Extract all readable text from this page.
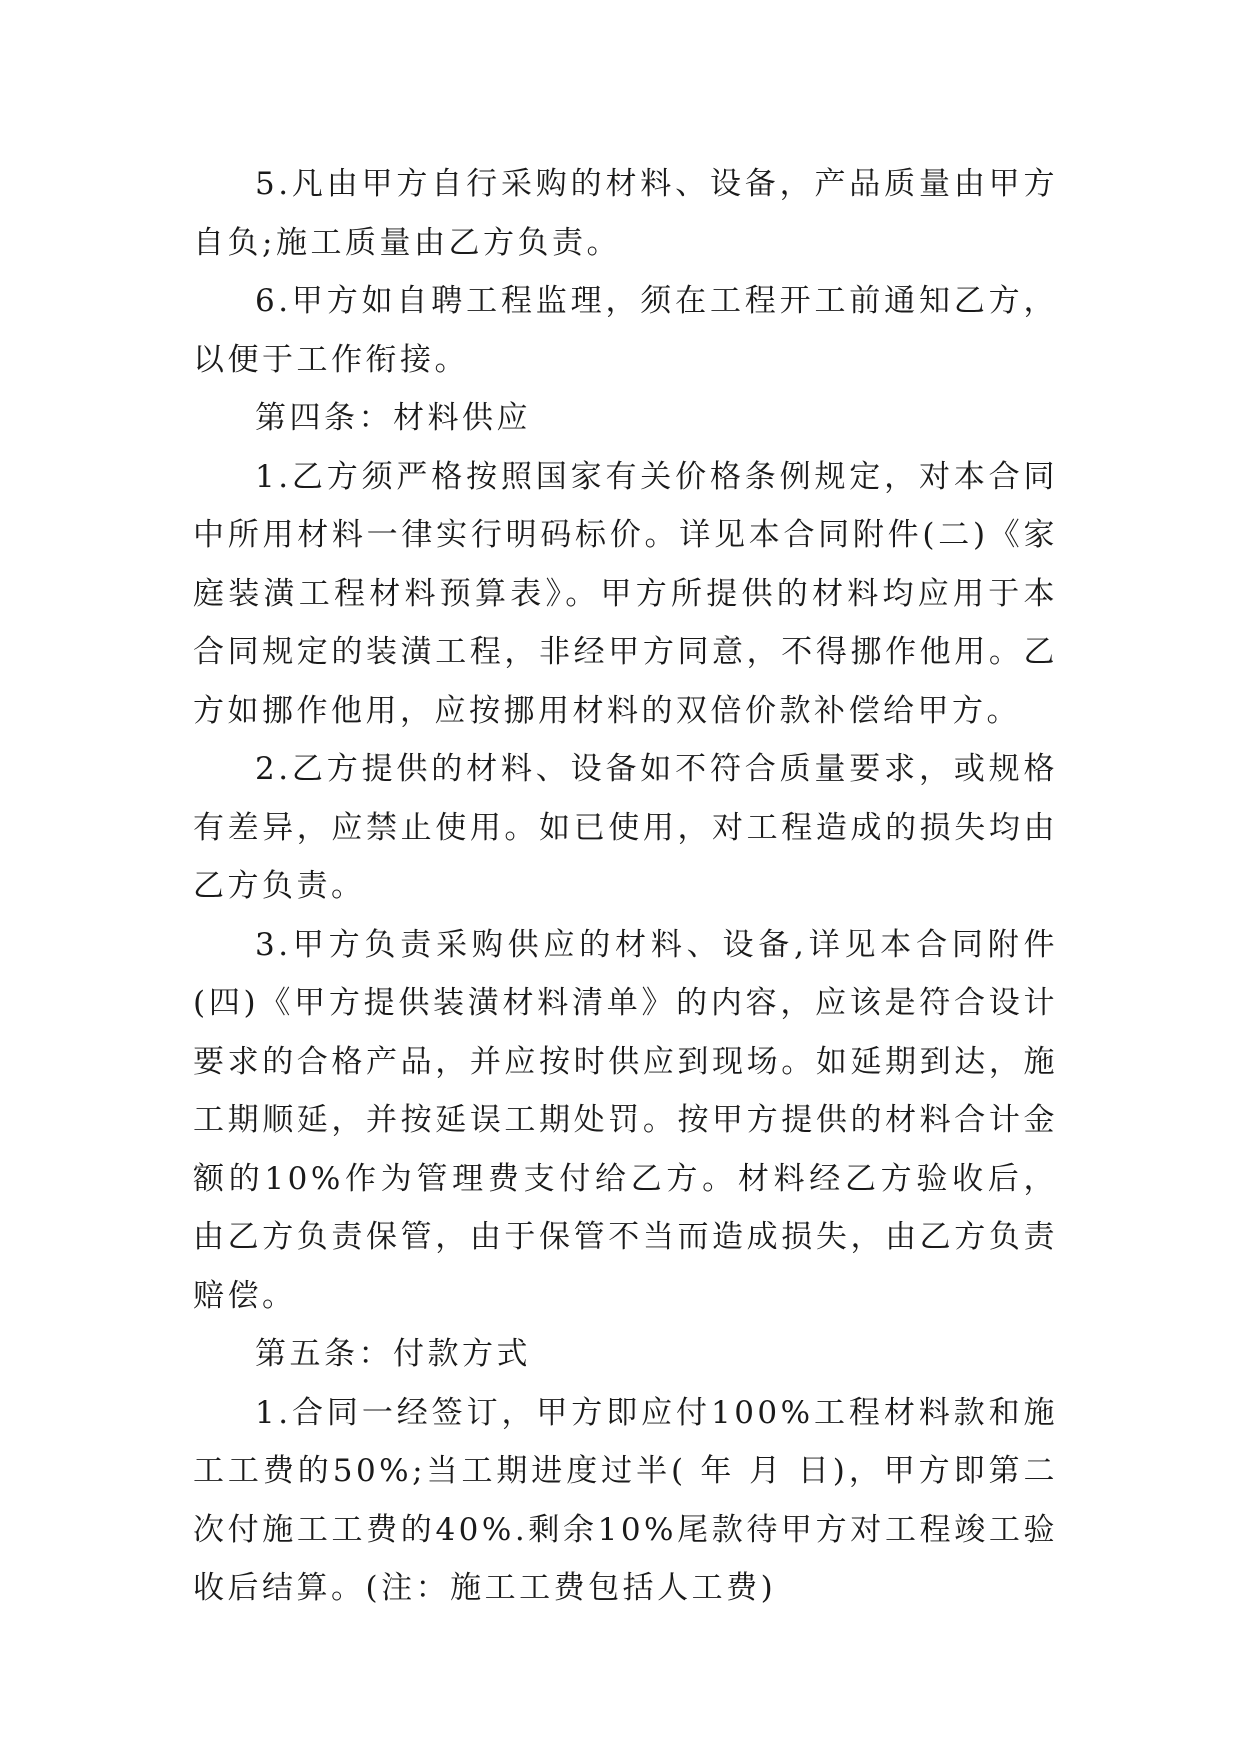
5.凡由甲方自行采购的材料、设备，产品质量由甲方自负;施工质量由乙方负责。

6.甲方如自聘工程监理，须在工程开工前通知乙方，以便于工作衔接。

第四条：材料供应

1.乙方须严格按照国家有关价格条例规定，对本合同中所用材料一律实行明码标价。详见本合同附件(二)《家庭装潢工程材料预算表》。甲方所提供的材料均应用于本合同规定的装潢工程，非经甲方同意，不得挪作他用。乙方如挪作他用，应按挪用材料的双倍价款补偿给甲方。

2.乙方提供的材料、设备如不符合质量要求，或规格有差异，应禁止使用。如已使用，对工程造成的损失均由乙方负责。

3.甲方负责采购供应的材料、设备,详见本合同附件(四)《甲方提供装潢材料清单》的内容，应该是符合设计要求的合格产品，并应按时供应到现场。如延期到达，施工期顺延，并按延误工期处罚。按甲方提供的材料合计金额的10%作为管理费支付给乙方。材料经乙方验收后，由乙方负责保管，由于保管不当而造成损失，由乙方负责赔偿。

第五条：付款方式

1.合同一经签订，甲方即应付100%工程材料款和施工工费的50%;当工期进度过半( 年 月 日)，甲方即第二次付施工工费的40%.剩余10%尾款待甲方对工程竣工验收后结算。(注：施工工费包括人工费)
